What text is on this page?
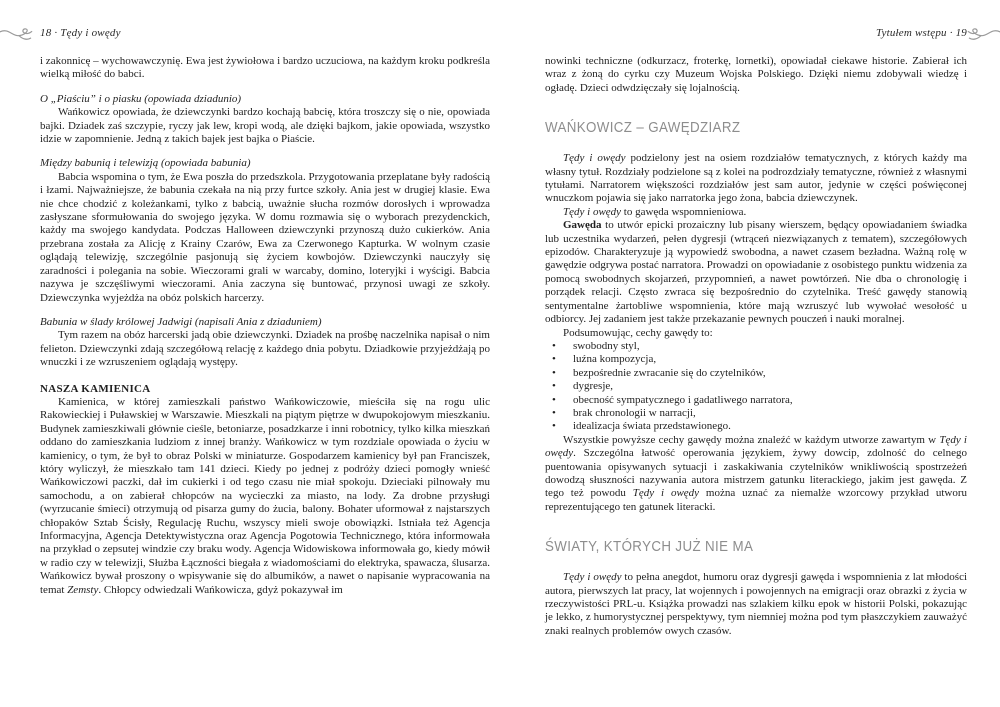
18 · Tędy i owędy	Tytułem wstępu · 19
i zakonnicę – wychowawczynię. Ewa jest żywiołowa i bardzo uczuciowa, na każdym kroku podkreśla wielką miłość do babci.
O „Piaściu” i o piasku (opowiada dziadunio)
Wańkowicz opowiada, że dziewczynki bardzo kochają babcię, która troszczy się o nie, opowiada bajki. Dziadek zaś szczypie, ryczy jak lew, kropi wodą, ale dzięki bajkom, jakie opowiada, wszystko idzie w zapomnienie. Jedną z takich bajek jest bajka o Piaście.
Między babunią i telewizją (opowiada babunia)
Babcia wspomina o tym, że Ewa poszła do przedszkola. Przygotowania przeplatane były radością i łzami. Najważniejsze, że babunia czekała na nią przy furtce szkoły. Ania jest w drugiej klasie. Ewa nie chce chodzić z koleżankami, tylko z babcią, uważnie słucha rozmów dorosłych i wprowadza zasłyszane sformułowania do swojego języka. W domu rozmawia się o wyborach prezydenckich, każdy ma swojego kandydata. Podczas Halloween dziewczynki przynoszą dużo cukierków. Ania przebrana została za Alicję z Krainy Czarów, Ewa za Czerwonego Kapturka. W wolnym czasie oglądają telewizję, szczególnie pasjonują się życiem kowbojów. Dziewczynki nauczyły się zaradności i polegania na sobie. Wieczorami grali w warcaby, domino, loteryjki i wyścigi. Babcia nazywa je szczęśliwymi wieczorami. Ania zaczyna się buntować, przynosi uwagi ze szkoły. Dziewczynka wyjeżdża na obóz polskich harcerzy.
Babunia w ślady królowej Jadwigi (napisali Ania z dziaduniem)
Tym razem na obóz harcerski jadą obie dziewczynki. Dziadek na prośbę naczelnika napisał o nim felieton. Dziewczynki zdają szczegółową relację z każdego dnia pobytu. Dziadkowie przyjeżdżają po wnuczki i ze wzruszeniem oglądają występy.
NASZA KAMIENICA
Kamienica, w której zamieszkali państwo Wańkowiczowie, mieściła się na rogu ulic Rakowieckiej i Puławskiej w Warszawie. Mieszkali na piątym piętrze w dwupokojowym mieszkaniu. Budynek zamieszkiwali głównie cieśle, betoniarze, posadzkarze i inni robotnicy, tylko kilka mieszkań oddano do zamieszkania ludziom z innej branży. Wańkowicz w tym rozdziale opowiada o życiu w kamienicy, o tym, że był to obraz Polski w miniaturze. Gospodarzem kamienicy był pan Franciszek, który wyliczył, że mieszkało tam 141 dzieci. Kiedy po jednej z podróży dzieci pomogły wnieść Wańkowiczowi paczki, dał im cukierki i od tego czasu nie miał spokoju. Dzieciaki pilnowały mu samochodu, a on zabierał chłopców na wycieczki za miasto, na lody. Za drobne przysługi (wyrzucanie śmieci) otrzymują od pisarza gumy do żucia, balony. Bohater uformował z najstarszych chłopaków Sztab Ścisły, Regulację Ruchu, wszyscy mieli swoje obowiązki. Istniała też Agencja Informacyjna, Agencja Detektywistyczna oraz Agencja Pogotowia Technicznego, która informowała na przykład o zepsutej windzie czy braku wody. Agencja Widowiskowa informowała go, kiedy mówił w radio czy w telewizji, Służba Łączności biegała z wiadomościami do elektryka, spawacza, ślusarza. Wańkowicz bywał proszony o wpisywanie się do albumików, a nawet o napisanie wypracowania na temat Zemsty. Chłopcy odwiedzali Wańkowicza, gdyż pokazywał im
nowinki techniczne (odkurzacz, froterkę, lornetki), opowiadał ciekawe historie. Zabierał ich wraz z żoną do cyrku czy Muzeum Wojska Polskiego. Dzięki niemu zdobywali wiedzę i ogładę. Dzieci odwdzięczały się lojalnością.
WAŃKOWICZ – GAWĘDZIARZ
Tędy i owędy podzielony jest na osiem rozdziałów tematycznych, z których każdy ma własny tytuł. Rozdziały podzielone są z kolei na podrozdziały tematyczne, również z własnymi tytułami. Narratorem większości rozdziałów jest sam autor, jedynie w części poświęconej wnuczkom pojawia się jako narratorka jego żona, babcia dziewczynek.
Tędy i owędy to gawęda wspomnieniowa.
Gawęda to utwór epicki prozaiczny lub pisany wierszem, będący opowiadaniem świadka lub uczestnika wydarzeń, pełen dygresji (wtrąceń niezwiązanych z tematem), szczegółowych epizodów. Charakteryzuje ją wypowiedź swobodna, a nawet czasem bezładna. Ważną rolę w gawędzie odgrywa postać narratora. Prowadzi on opowiadanie z osobistego punktu widzenia za pomocą swobodnych skojarzeń, przypomnień, a nawet powtórzeń. Nie dba o chronologię i porządek relacji. Często zwraca się bezpośrednio do czytelnika. Treść gawędy stanowią sentymentalne żartobliwe wspomnienia, które mają wzruszyć lub wywołać wesołość u odbiorcy. Jej zadaniem jest także przekazanie pewnych pouczeń i nauki moralnej.
Podsumowując, cechy gawędy to:
• swobodny styl,
• luźna kompozycja,
• bezpośrednie zwracanie się do czytelników,
• dygresje,
• obecność sympatycznego i gadatliwego narratora,
• brak chronologii w narracji,
• idealizacja świata przedstawionego.
Wszystkie powyższe cechy gawędy można znaleźć w każdym utworze zawartym w Tędy i owędy. Szczególna łatwość operowania językiem, żywy dowcip, zdolność do celnego puentowania opisywanych sytuacji i zaskakiwania czytelników wnikliwością spostrzeżeń dowodzą słuszności nazywania autora mistrzem gatunku literackiego, jakim jest gawęda. Z tego też powodu Tędy i owędy można uznać za niemalże wzorcowy przykład utworu reprezentującego ten gatunek literacki.
ŚWIATY, KTÓRYCH JUŻ NIE MA
Tędy i owędy to pełna anegdot, humoru oraz dygresji gawęda i wspomnienia z lat młodości autora, pierwszych lat pracy, lat wojennych i powojennych na emigracji oraz obrazki z życia w rzeczywistości PRL-u. Książka prowadzi nas szlakiem kilku epok w historii Polski, pokazując je lekko, z humorystycznej perspektywy, tym niemniej można pod tym płaszczykiem zauważyć znaki realnych problemów owych czasów.
